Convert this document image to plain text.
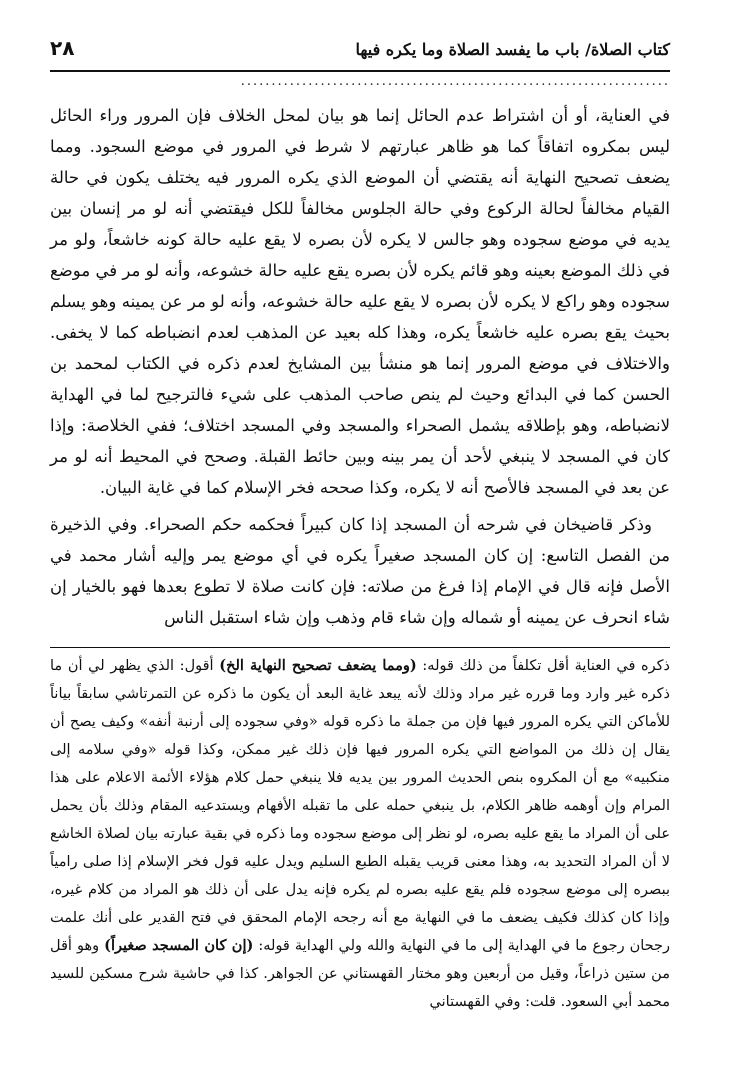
كتاب الصلاة/ باب ما يفسد الصلاة وما يكره فيها
٢٨
......................................................................

في العناية، أو أن اشتراط عدم الحائل إنما هو بيان لمحل الخلاف فإن المرور وراء الحائل ليس بمكروه اتفاقاً كما هو ظاهر عبارتهم لا شرط في المرور في موضع السجود. ومما يضعف تصحيح النهاية أنه يقتضي أن الموضع الذي يكره المرور فيه يختلف يكون في حالة القيام مخالفاً لحالة الركوع وفي حالة الجلوس مخالفاً للكل فيقتضي أنه لو مر إنسان بين يديه في موضع سجوده وهو جالس لا يكره لأن بصره لا يقع عليه حالة كونه خاشعاً، ولو مر في ذلك الموضع بعينه وهو قائم يكره لأن بصره يقع عليه حالة خشوعه، وأنه لو مر في موضع سجوده وهو راكع لا يكره لأن بصره لا يقع عليه حالة خشوعه، وأنه لو مر عن يمينه وهو يسلم بحيث يقع بصره عليه خاشعاً يكره، وهذا كله بعيد عن المذهب لعدم انضباطه كما لا يخفى. والاختلاف في موضع المرور إنما هو منشأ بين المشايخ لعدم ذكره في الكتاب لمحمد بن الحسن كما في البدائع وحيث لم ينص صاحب المذهب على شيء فالترجيح لما في الهداية لانضباطه، وهو بإطلاقه يشمل الصحراء والمسجد وفي المسجد اختلاف؛ ففي الخلاصة: وإذا كان في المسجد لا ينبغي لأحد أن يمر بينه وبين حائط القبلة. وصحح في المحيط أنه لو مر عن بعد في المسجد فالأصح أنه لا يكره، وكذا صححه فخر الإسلام كما في غاية البيان.

وذكر قاضيخان في شرحه أن المسجد إذا كان كبيراً فحكمه حكم الصحراء. وفي الذخيرة من الفصل التاسع: إن كان المسجد صغيراً يكره في أي موضع يمر وإليه أشار محمد في الأصل فإنه قال في الإمام إذا فرغ من صلاته: فإن كانت صلاة لا تطوع بعدها فهو بالخيار إن شاء انحرف عن يمينه أو شماله وإن شاء قام وذهب وإن شاء استقبل الناس

ذكره في العناية أقل تكلفاً من ذلك قوله: (ومما يضعف تصحيح النهاية الخ) أقول: الذي يظهر لي أن ما ذكره غير وارد وما قرره غير مراد وذلك لأنه يبعد غاية البعد أن يكون ما ذكره عن التمرتاشي سابقاً بياناً للأماكن التي يكره المرور فيها فإن من جملة ما ذكره قوله «وفي سجوده إلى أرنبة أنفه» وكيف يصح أن يقال إن ذلك من المواضع التي يكره المرور فيها فإن ذلك غير ممكن، وكذا قوله «وفي سلامه إلى منكبيه» مع أن المكروه بنص الحديث المرور بين يديه فلا ينبغي حمل كلام هؤلاء الأئمة الاعلام على هذا المرام وإن أوهمه ظاهر الكلام، بل ينبغي حمله على ما تقبله الأفهام ويستدعيه المقام وذلك بأن يحمل على أن المراد ما يقع عليه بصره، لو نظر إلى موضع سجوده وما ذكره في بقية عبارته بيان لصلاة الخاشع لا أن المراد التحديد به، وهذا معنى قريب يقبله الطبع السليم ويدل عليه قول فخر الإسلام إذا صلى رامياً ببصره إلى موضع سجوده فلم يقع عليه بصره لم يكره فإنه يدل على أن ذلك هو المراد من كلام غيره، وإذا كان كذلك فكيف يضعف ما في النهاية مع أنه رجحه الإمام المحقق في فتح القدير على أنك علمت رجحان رجوع ما في الهداية إلى ما في النهاية والله ولي الهداية قوله: (إن كان المسجد صغيراً) وهو أقل من ستين ذراعاً، وقيل من أربعين وهو مختار القهستاني عن الجواهر. كذا في حاشية شرح مسكين للسيد محمد أبي السعود. قلت: وفي القهستاني
